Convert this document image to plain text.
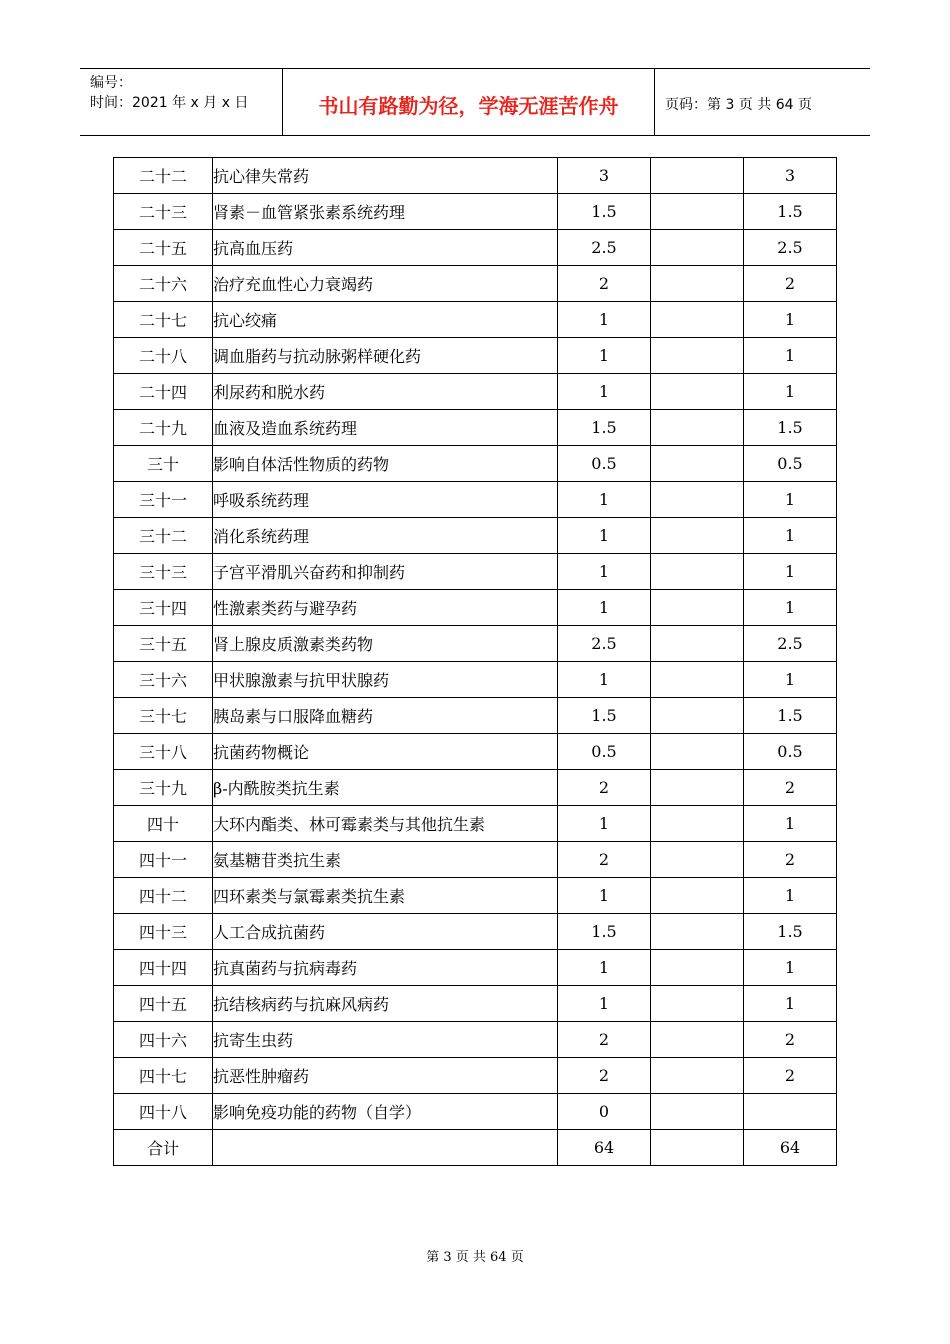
编号：
时间：2021 年 x 月 x 日	书山有路勤为径，学海无涯苦作舟	页码：第 3 页 共 64 页
二十二	抗心律失常药	3		3
二十三	肾素－血管紧张素系统药理	1.5		1.5
二十五	抗高血压药	2.5		2.5
二十六	治疗充血性心力衰竭药	2		2
二十七	抗心绞痛	1		1
二十八	调血脂药与抗动脉粥样硬化药	1		1
二十四	利尿药和脱水药	1		1
二十九	血液及造血系统药理	1.5		1.5
三十	影响自体活性物质的药物	0.5		0.5
三十一	呼吸系统药理	1		1
三十二	消化系统药理	1		1
三十三	子宫平滑肌兴奋药和抑制药	1		1
三十四	性激素类药与避孕药	1		1
三十五	肾上腺皮质激素类药物	2.5		2.5
三十六	甲状腺激素与抗甲状腺药	1		1
三十七	胰岛素与口服降血糖药	1.5		1.5
三十八	抗菌药物概论	0.5		0.5
三十九	β-内酰胺类抗生素	2		2
四十	大环内酯类、林可霉素类与其他抗生素	1		1
四十一	氨基糖苷类抗生素	2		2
四十二	四环素类与氯霉素类抗生素	1		1
四十三	人工合成抗菌药	1.5		1.5
四十四	抗真菌药与抗病毒药	1		1
四十五	抗结核病药与抗麻风病药	1		1
四十六	抗寄生虫药	2		2
四十七	抗恶性肿瘤药	2		2
四十八	影响免疫功能的药物（自学）	0		
合计		64		64
第 3 页 共 64 页
